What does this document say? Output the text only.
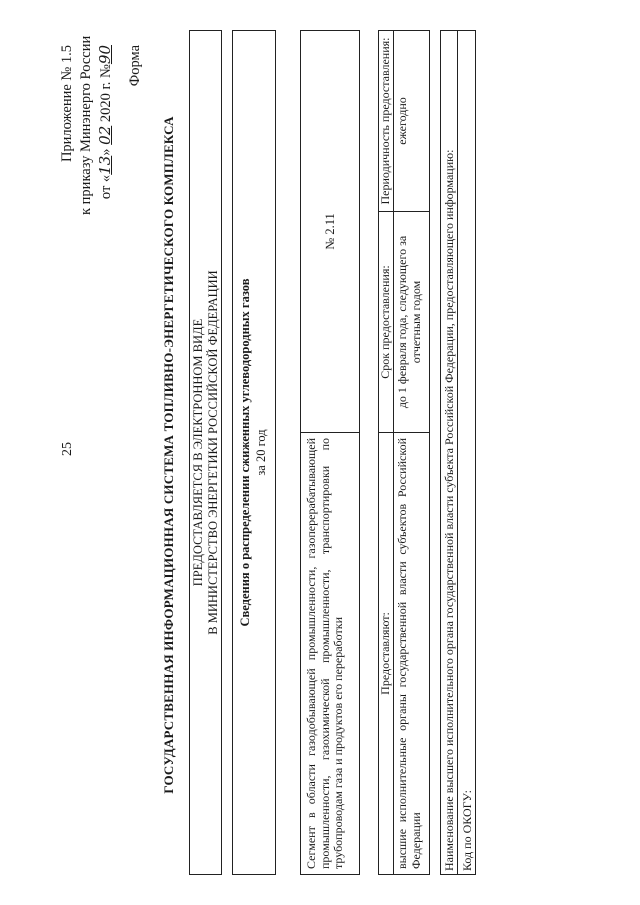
25
Приложение № 1.5 к приказу Минэнерго России от «13» 02 2020 г. №90 Форма
ГОСУДАРСТВЕННАЯ ИНФОРМАЦИОННАЯ СИСТЕМА ТОПЛИВНО-ЭНЕРГЕТИЧЕСКОГО КОМПЛЕКСА ПРЕДОСТАВЛЯЕТСЯ В ЭЛЕКТРОННОМ ВИДЕ В МИНИСТЕРСТВО ЭНЕРГЕТИКИ РОССИЙСКОЙ ФЕДЕРАЦИИ Сведения о распределении сжиженных углеводородных газов за 20 год	Сегмент в области газодобывающей промышленности, газоперерабатывающей промышленности, газохимической промышленности, транспортировки по трубопроводам газа и продуктов его переработки
№ 2.11
Предоставляют: высшие исполнительные органы государственной власти субъектов Российской Федерации
Срок предоставления: до 1 февраля года, следующего за отчетным годом
Периодичность предоставления: ежегодно
Наименование высшего исполнительного органа государственной власти субъекта Российской Федерации, предоставляющего информацию: Код по ОКОГУ:
